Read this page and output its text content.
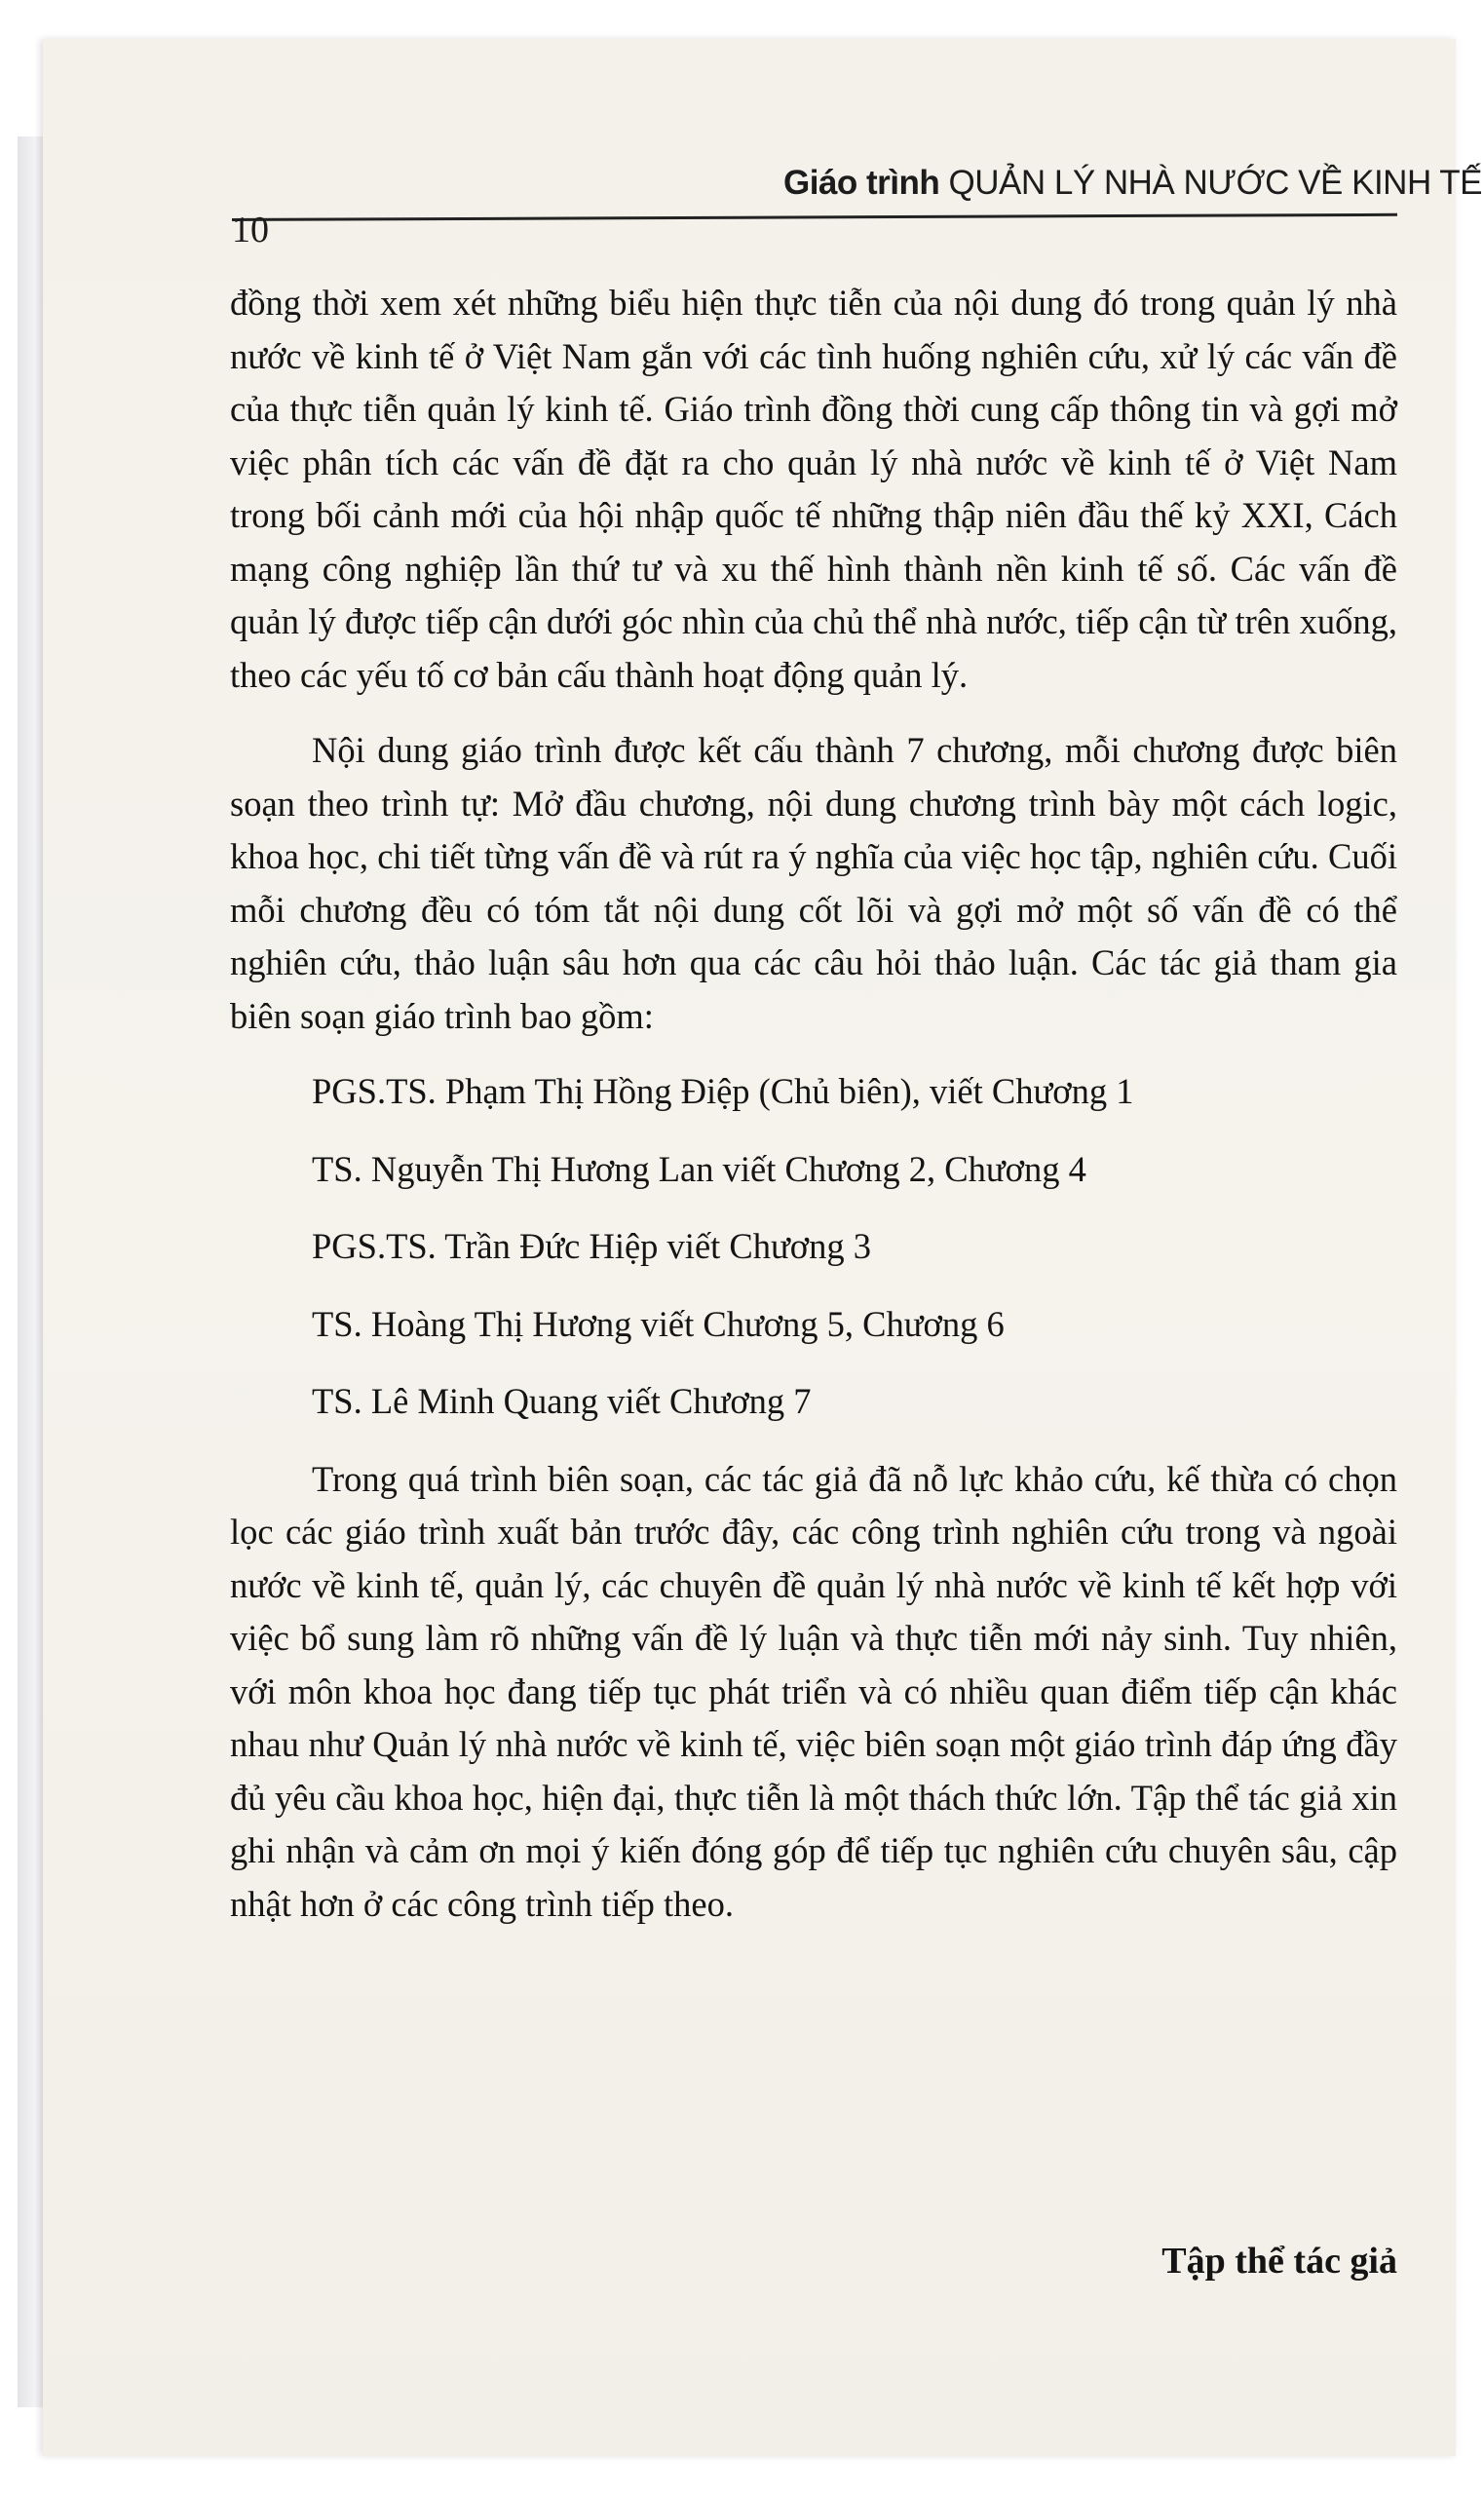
Giáo trình QUẢN LÝ NHÀ NƯỚC VỀ KINH TẾ
10

đồng thời xem xét những biểu hiện thực tiễn của nội dung đó trong quản lý nhà nước về kinh tế ở Việt Nam gắn với các tình huống nghiên cứu, xử lý các vấn đề của thực tiễn quản lý kinh tế. Giáo trình đồng thời cung cấp thông tin và gợi mở việc phân tích các vấn đề đặt ra cho quản lý nhà nước về kinh tế ở Việt Nam trong bối cảnh mới của hội nhập quốc tế những thập niên đầu thế kỷ XXI, Cách mạng công nghiệp lần thứ tư và xu thế hình thành nền kinh tế số. Các vấn đề quản lý được tiếp cận dưới góc nhìn của chủ thể nhà nước, tiếp cận từ trên xuống, theo các yếu tố cơ bản cấu thành hoạt động quản lý.

Nội dung giáo trình được kết cấu thành 7 chương, mỗi chương được biên soạn theo trình tự: Mở đầu chương, nội dung chương trình bày một cách logic, khoa học, chi tiết từng vấn đề và rút ra ý nghĩa của việc học tập, nghiên cứu. Cuối mỗi chương đều có tóm tắt nội dung cốt lõi và gợi mở một số vấn đề có thể nghiên cứu, thảo luận sâu hơn qua các câu hỏi thảo luận. Các tác giả tham gia biên soạn giáo trình bao gồm:

PGS.TS. Phạm Thị Hồng Điệp (Chủ biên), viết Chương 1
TS. Nguyễn Thị Hương Lan viết Chương 2, Chương 4
PGS.TS. Trần Đức Hiệp viết Chương 3
TS. Hoàng Thị Hương viết Chương 5, Chương 6
TS. Lê Minh Quang viết Chương 7

Trong quá trình biên soạn, các tác giả đã nỗ lực khảo cứu, kế thừa có chọn lọc các giáo trình xuất bản trước đây, các công trình nghiên cứu trong và ngoài nước về kinh tế, quản lý, các chuyên đề quản lý nhà nước về kinh tế kết hợp với việc bổ sung làm rõ những vấn đề lý luận và thực tiễn mới nảy sinh. Tuy nhiên, với môn khoa học đang tiếp tục phát triển và có nhiều quan điểm tiếp cận khác nhau như Quản lý nhà nước về kinh tế, việc biên soạn một giáo trình đáp ứng đầy đủ yêu cầu khoa học, hiện đại, thực tiễn là một thách thức lớn. Tập thể tác giả xin ghi nhận và cảm ơn mọi ý kiến đóng góp để tiếp tục nghiên cứu chuyên sâu, cập nhật hơn ở các công trình tiếp theo.

Tập thể tác giả
